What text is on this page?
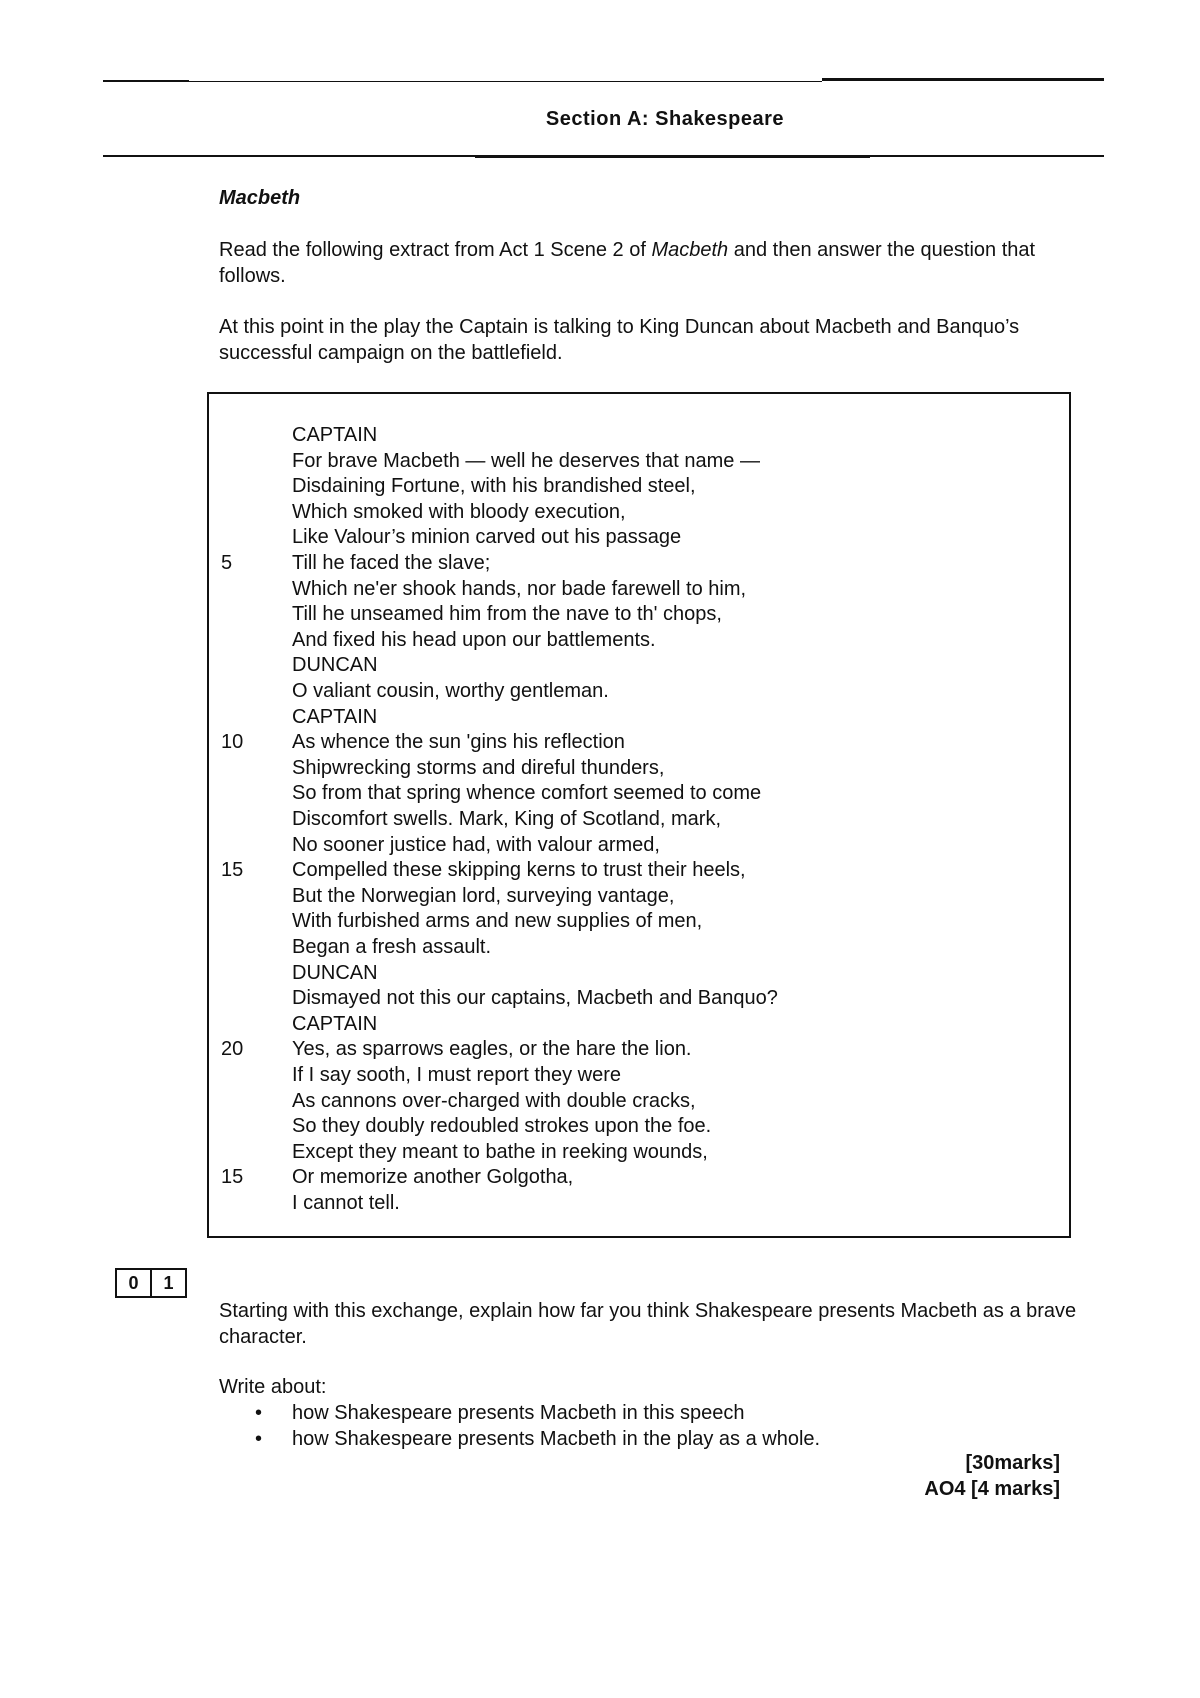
Section A: Shakespeare
Macbeth
Read the following extract from Act 1 Scene 2 of Macbeth and then answer the question that follows.
At this point in the play the Captain is talking to King Duncan about Macbeth and Banquo’s successful campaign on the battlefield.
CAPTAIN
For brave Macbeth — well he deserves that name —
Disdaining Fortune, with his brandished steel,
Which smoked with bloody execution,
Like Valour’s minion carved out his passage
5	Till he faced the slave;
Which ne'er shook hands, nor bade farewell to him,
Till he unseamed him from the nave to th' chops,
And fixed his head upon our battlements.
DUNCAN
O valiant cousin, worthy gentleman.
CAPTAIN
10 As whence the sun 'gins his reflection
Shipwrecking storms and direful thunders,
So from that spring whence comfort seemed to come
Discomfort swells. Mark, King of Scotland, mark,
No sooner justice had, with valour armed,
15 Compelled these skipping kerns to trust their heels,
But the Norwegian lord, surveying vantage,
With furbished arms and new supplies of men,
Began a fresh assault.
DUNCAN
Dismayed not this our captains, Macbeth and Banquo?
CAPTAIN
20 Yes, as sparrows eagles, or the hare the lion.
If I say sooth, I must report they were
As cannons over-charged with double cracks,
So they doubly redoubled strokes upon the foe.
Except they meant to bathe in reeking wounds,
15 Or memorize another Golgotha,
I cannot tell.
0	1
Starting with this exchange, explain how far you think Shakespeare presents Macbeth as a brave character.
Write about:
• how Shakespeare presents Macbeth in this speech
• how Shakespeare presents Macbeth in the play as a whole.
[30marks]
AO4 [4 marks]
